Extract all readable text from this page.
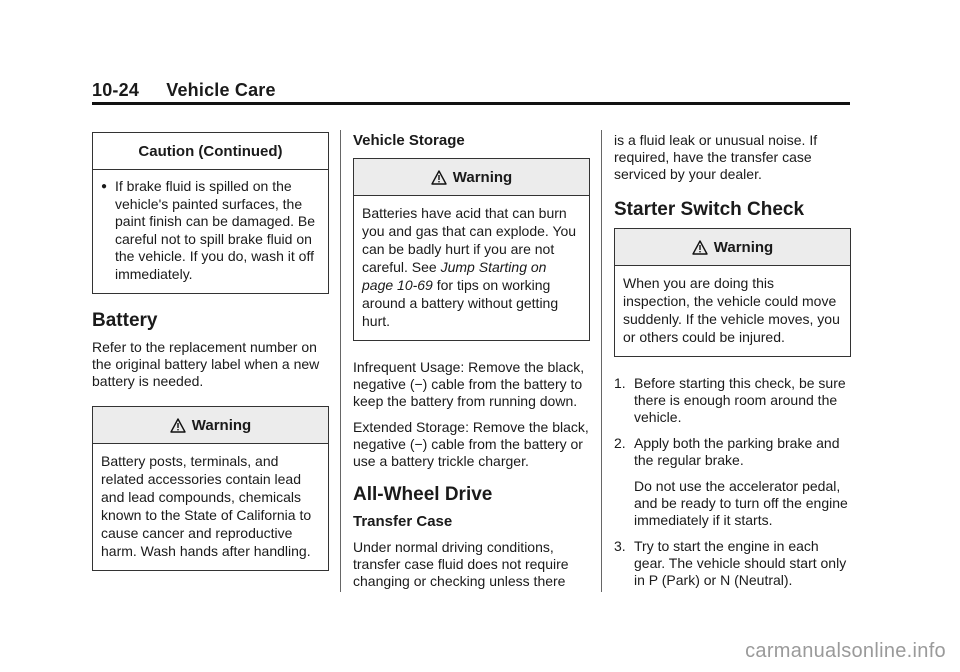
10-24 Vehicle Care
Caution (Continued)
● If brake fluid is spilled on the vehicle's painted surfaces, the paint finish can be damaged. Be careful not to spill brake fluid on the vehicle. If you do, wash it off immediately.
Battery

Refer to the replacement number on the original battery label when a new battery is needed.

Warning
Battery posts, terminals, and related accessories contain lead and lead compounds, chemicals known to the State of California to cause cancer and reproductive harm. Wash hands after handling.
Vehicle Storage
Warning
Batteries have acid that can burn you and gas that can explode. You can be badly hurt if you are not careful. See Jump Starting on page 10-69 for tips on working around a battery without getting hurt.

Infrequent Usage: Remove the black, negative (−) cable from the battery to keep the battery from running down.

Extended Storage: Remove the black, negative (−) cable from the battery or use a battery trickle charger.

All-Wheel Drive
Transfer Case

Under normal driving conditions, transfer case fluid does not require changing or checking unless there

is a fluid leak or unusual noise. If required, have the transfer case serviced by your dealer.

Starter Switch Check
Warning
When you are doing this inspection, the vehicle could move suddenly. If the vehicle moves, you or others could be injured.
1. Before starting this check, be sure there is enough room around the vehicle.
2. Apply both the parking brake and the regular brake.
Do not use the accelerator pedal, and be ready to turn off the engine immediately if it starts.
3. Try to start the engine in each gear. The vehicle should start only in P (Park) or N (Neutral).
carmanualsonline.info
